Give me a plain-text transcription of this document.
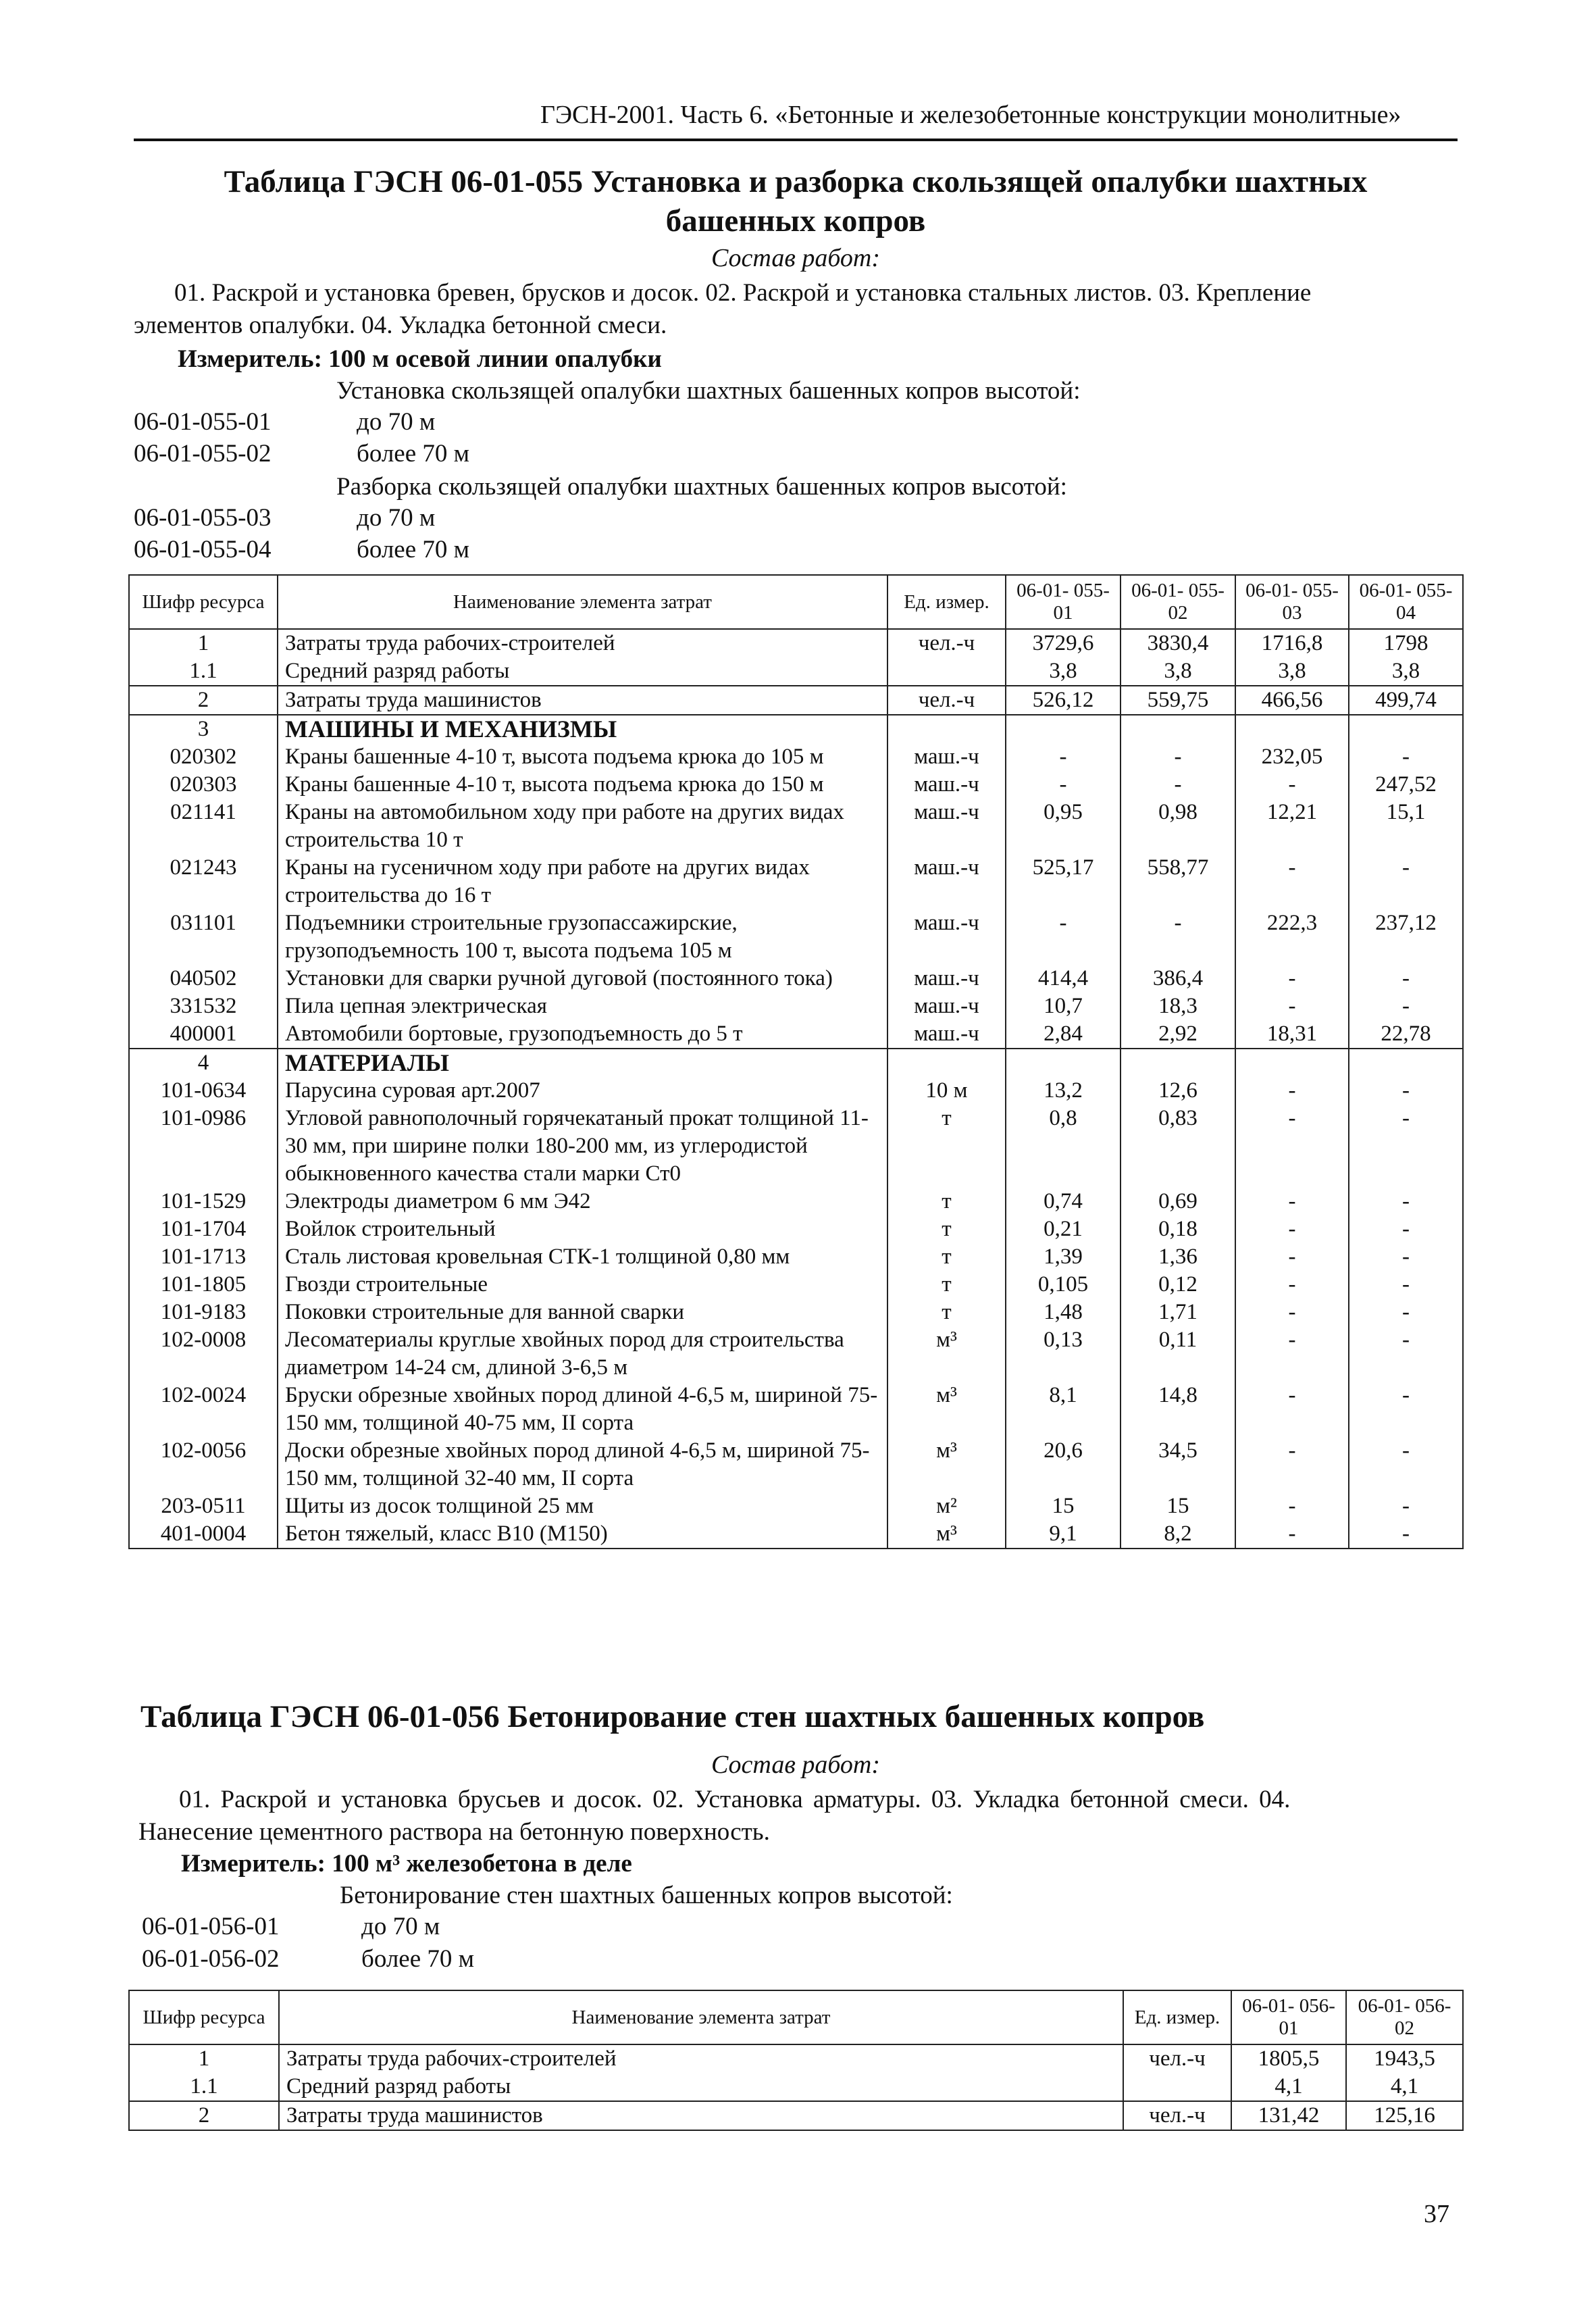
ГЭСН-2001. Часть 6. «Бетонные и железобетонные конструкции монолитные»
Таблица ГЭСН 06-01-055 Установка и разборка скользящей опалубки шахтных
башенных копров
Состав работ:
01. Раскрой и установка бревен, брусков и досок. 02. Раскрой и установка стальных листов. 03. Крепление
элементов опалубки. 04. Укладка бетонной смеси.
Измеритель: 100 м осевой линии опалубки
Установка скользящей опалубки шахтных башенных копров высотой:
06-01-055-01	до 70 м
06-01-055-02	более 70 м
Разборка скользящей опалубки шахтных башенных копров высотой:
06-01-055-03	до 70 м
06-01-055-04	более 70 м
Шифр ресурса	Наименование элемента затрат	Ед. измер.	06-01- 055-01	06-01- 055-02	06-01- 055-03	06-01- 055-04
1	Затраты труда рабочих-строителей	чел.-ч	3729,6	3830,4	1716,8	1798
1.1	Средний разряд работы		3,8	3,8	3,8	3,8
2	Затраты труда машинистов	чел.-ч	526,12	559,75	466,56	499,74
3	МАШИНЫ И МЕХАНИЗМЫ					
020302	Краны башенные 4-10 т, высота подъема крюка до 105 м	маш.-ч	-	-	232,05	-
020303	Краны башенные 4-10 т, высота подъема крюка до 150 м	маш.-ч	-	-	-	247,52
021141	Краны на автомобильном ходу при работе на других видах строительства 10 т	маш.-ч	0,95	0,98	12,21	15,1
021243	Краны на гусеничном ходу при работе на других видах строительства до 16 т	маш.-ч	525,17	558,77	-	-
031101	Подъемники строительные грузопассажирские, грузоподъемность 100 т, высота подъема 105 м	маш.-ч	-	-	222,3	237,12
040502	Установки для сварки ручной дуговой (постоянного тока)	маш.-ч	414,4	386,4	-	-
331532	Пила цепная электрическая	маш.-ч	10,7	18,3	-	-
400001	Автомобили бортовые, грузоподъемность до 5 т	маш.-ч	2,84	2,92	18,31	22,78
4	МАТЕРИАЛЫ					
101-0634	Парусина суровая арт.2007	10 м	13,2	12,6	-	-
101-0986	Угловой равнополочный горячекатаный прокат толщиной 11-30 мм, при ширине полки 180-200 мм, из углеродистой обыкновенного качества стали марки Ст0	т	0,8	0,83	-	-
101-1529	Электроды диаметром 6 мм Э42	т	0,74	0,69	-	-
101-1704	Войлок строительный	т	0,21	0,18	-	-
101-1713	Сталь листовая кровельная СТК-1 толщиной 0,80 мм	т	1,39	1,36	-	-
101-1805	Гвозди строительные	т	0,105	0,12	-	-
101-9183	Поковки строительные для ванной сварки	т	1,48	1,71	-	-
102-0008	Лесоматериалы круглые хвойных пород для строительства диаметром 14-24 см, длиной 3-6,5 м	м³	0,13	0,11	-	-
102-0024	Бруски обрезные хвойных пород длиной 4-6,5 м, шириной 75-150 мм, толщиной 40-75 мм, II сорта	м³	8,1	14,8	-	-
102-0056	Доски обрезные хвойных пород длиной 4-6,5 м, шириной 75-150 мм, толщиной 32-40 мм, II сорта	м³	20,6	34,5	-	-
203-0511	Щиты из досок толщиной 25 мм	м²	15	15	-	-
401-0004	Бетон тяжелый, класс В10 (М150)	м³	9,1	8,2	-	-
Таблица ГЭСН 06-01-056 Бетонирование стен шахтных башенных копров
Состав работ:
01. Раскрой и установка брусьев и досок. 02. Установка арматуры. 03. Укладка бетонной смеси. 04.
Нанесение цементного раствора на бетонную поверхность.
Измеритель: 100 м³ железобетона в деле
Бетонирование стен шахтных башенных копров высотой:
06-01-056-01	до 70 м
06-01-056-02	более 70 м
Шифр ресурса	Наименование элемента затрат	Ед. измер.	06-01- 056-01	06-01- 056-02
1	Затраты труда рабочих-строителей	чел.-ч	1805,5	1943,5
1.1	Средний разряд работы		4,1	4,1
2	Затраты труда машинистов	чел.-ч	131,42	125,16
37
